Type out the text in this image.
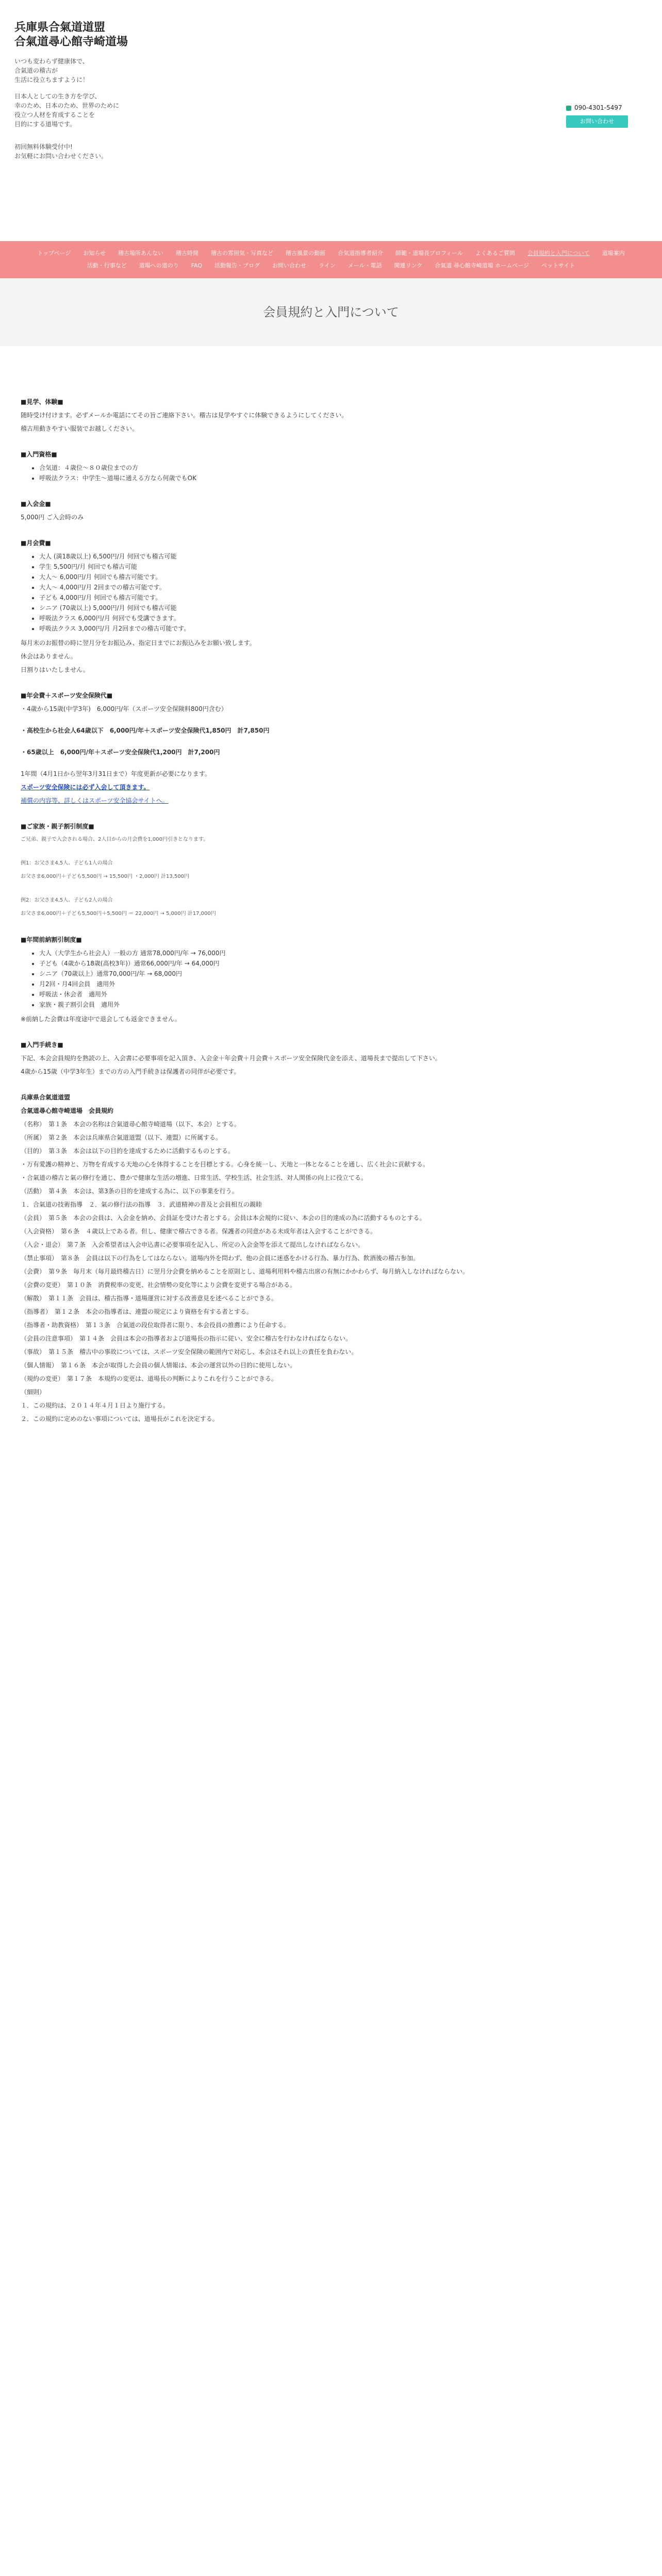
兵庫県合氣道道盟
合氣道尋心館寺崎道場
いつも変わらず健康体で、
合氣道の稽古が
生活に役立ちますように！
日本人としての生き方を学び、
幸のため、日本のため、世界のために
役立つ人材を育成することを
目的にする道場です。
初回無料体験受付中!
お気軽にお問い合わせください。
090-4301-5497
お問い合わせ
トップページ	お知らせ	稽古場所あんない	稽古時間	稽古の雰囲気・写真など	稽古風景の動画	合気道指導者紹介	師範・道場長プロフィール	よくあるご質問	会員規約と入門について	道場案内
活動・行事など	道場への道のり	FAQ	活動報告・ブログ	お問い合わせ	ライン	メール・電話	関連リンク	合氣道 尋心館寺崎道場 ホームページ	ペットサイト
会員規約と入門について
■見学、体験■

随時受け付けます。必ずメールか電話にてその旨ご連絡下さい。稽古は見学やすぐに体験できるようにしてください。

稽古用動きやすい服装でお越しください。

■入門資格■
• 合気道：４歳位〜８０歳位までの方
• 呼吸法クラス：中学生〜道場に通える方なら何歳でもOK
■入会金■

5,000円 ご入会時のみ

■月会費■
• 大人 (満18歳以上) 6,500円/月 何回でも稽古可能
• 学生 5,500円/月 何回でも稽古可能
• 大人〜 6,000円/月 何回でも稽古可能です。
• 大人〜 4,000円/月 2回までの稽古可能です。
• 子ども 4,000円/月 何回でも稽古可能です。
• シニア (70歳以上) 5,000円/月 何回でも稽古可能
• 呼吸法クラス 6,000円/月 何回でも受講できます。
• 呼吸法クラス 3,000円/月 月2回までの稽古可能です。

毎月末のお振替の時に翌月分をお振込み、指定日までにお振込みをお願い致します。

休会はありません。

日割りはいたしません。

■年会費＋スポーツ安全保険代■

・4歳から15歳(中学3年)　6,000円/年（スポーツ安全保険料800円含む）

・高校生から社会人64歳以下　6,000円/年＋スポーツ安全保険代1,850円　計7,850円

・65歳以上　6,000円/年＋スポーツ安全保険代1,200円　計7,200円

1年間（4月1日から翌年3月31日まで）年度更新が必要になります。

スポーツ安全保険には必ず入会して頂きます。

補償の内容等、詳しくはスポーツ安全協会サイトへ。

■ご家族・親子割引制度■

ご兄弟、親子で入会される場合、2人目からの月会費を1,000円引きとなります。

例1：お父さま4,5人、子ども1人の場合

お父さま6,000円＋子ども5,500円 → 15,500円 ・2,000円 計13,500円

例2：お父さま4,5人、子ども2人の場合

お父さま6,000円＋子ども5,500円＋5,500円 ＝ 22,000円 → 5,000円 計17,000円

■年間前納割引制度■
• 大人（大学生から社会人）一般の方 通常78,000円/年 → 76,000円
• 子ども（4歳から18歳(高校3年)）通常66,000円/年 → 64,000円
• シニア（70歳以上）通常70,000円/年 → 68,000円
• 月2回・月4回会員　適用外
• 呼吸法・休会者　適用外
• 家族・親子割引会員　適用外

※前納した会費は年度途中で退会しても返金できません。

■入門手続き■

下記、本会会員規約を熟読の上、入会書に必要事項を記入頂き、入会金＋年会費＋月会費＋スポーツ安全保険代金を添え、道場長まで提出して下さい。

4歳から15歳（中学3年生）までの方の入門手続きは保護者の同伴が必要です。

兵庫県合氣道道盟
合氣道尋心館寺崎道場　会員規約

（名称）　第１条　本会の名称は合氣道尋心館寺崎道場（以下、本会）とする。

（所属）　第２条　本会は兵庫県合氣道道盟（以下、連盟）に所属する。

（目的）　第３条　本会は以下の目的を達成するために活動するものとする。

・万有愛護の精神と、万物を育成する天地の心を体得することを目標とする。心身を統一し、天地と一体となることを通し、広く社会に貢献する。

・合氣道の稽古と氣の修行を通じ、豊かで健康な生活の増進、日常生活、学校生活、社会生活、対人関係の向上に役立てる。

（活動）　第４条　本会は、第3条の目的を達成する為に、以下の事業を行う。

１．合氣道の技術指導　２．氣の修行法の指導　３．武道精神の普及と会員相互の親睦

（会員）　第５条　本会の会員は、入会金を納め、会員証を受けた者とする。会員は本会規約に従い、本会の目的達成の為に活動するものとする。

（入会資格）　第６条　４歳以上である者。但し、健康で稽古できる者。保護者の同意がある未成年者は入会することができる。

（入会・退会）　第７条　入会希望者は入会申込書に必要事項を記入し、所定の入会金等を添えて提出しなければならない。

（禁止事項）　第８条　会員は以下の行為をしてはならない。道場内外を問わず、他の会員に迷惑をかける行為、暴力行為、飲酒後の稽古参加。

（会費）　第９条　毎月末（毎月最終稽古日）に翌月分会費を納めることを原則とし、道場利用料や稽古出席の有無にかかわらず、毎月納入しなければならない。

（会費の変更）　第１０条　消費税率の変更、社会情勢の変化等により会費を変更する場合がある。

（解散）　第１１条　会員は、稽古指導・道場運営に対する改善意見を述べることができる。

（指導者）　第１２条　本会の指導者は、連盟の規定により資格を有する者とする。

（指導者・助教資格）　第１３条　合氣道の段位取得者に限り、本会役員の推薦により任命する。

（会員の注意事項）　第１４条　会員は本会の指導者および道場長の指示に従い、安全に稽古を行わなければならない。

（事故）　第１５条　稽古中の事故については、スポーツ安全保険の範囲内で対応し、本会はそれ以上の責任を負わない。

（個人情報）　第１６条　本会が取得した会員の個人情報は、本会の運営以外の目的に使用しない。

（規約の変更）　第１７条　本規約の変更は、道場長の判断によりこれを行うことができる。

（細則）

１．この規約は、２０１４年４月１日より施行する。

２．この規約に定めのない事項については、道場長がこれを決定する。
